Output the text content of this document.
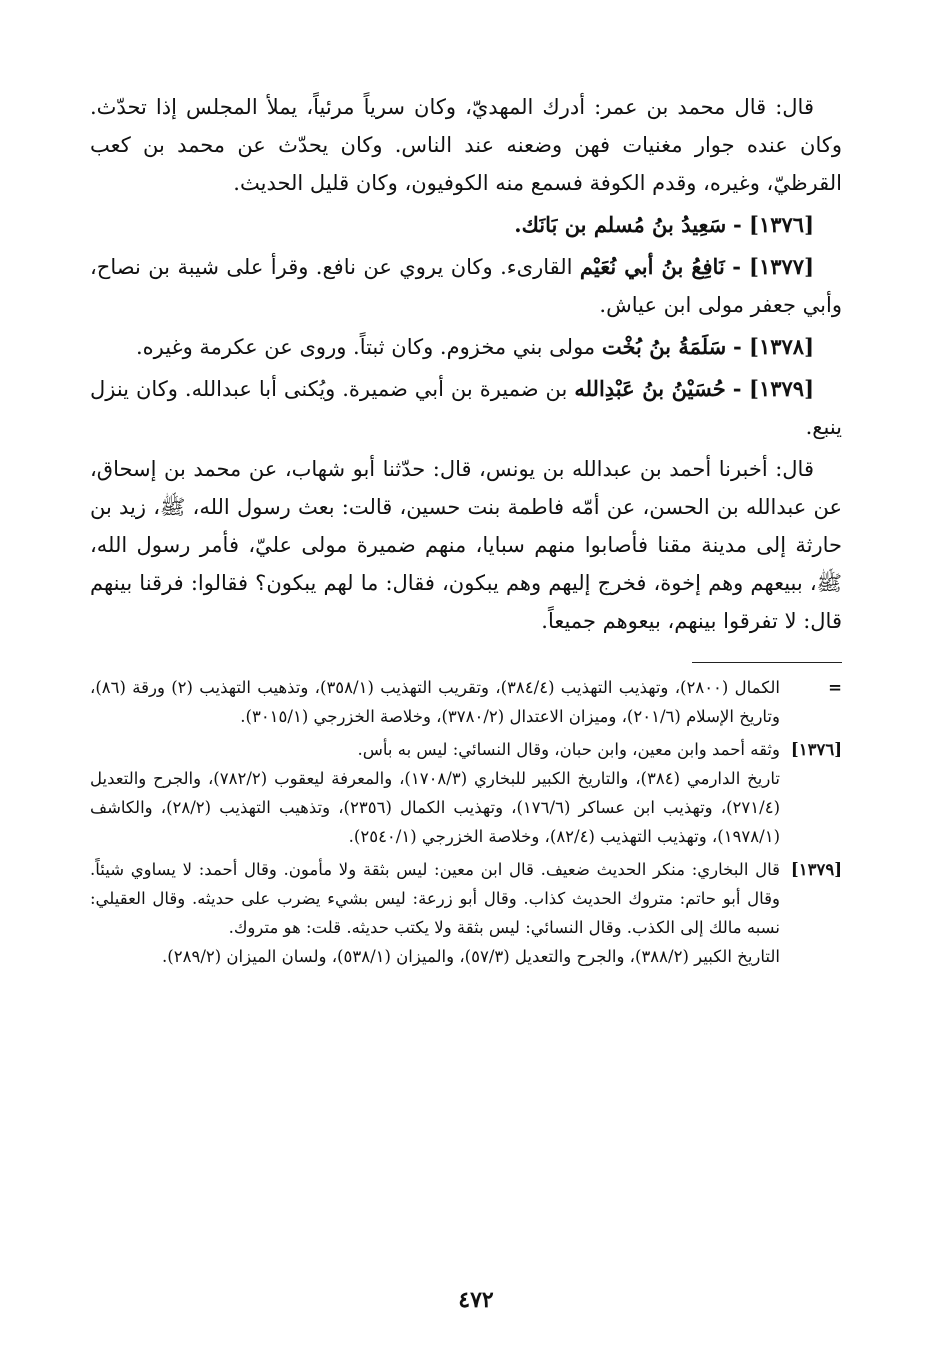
قال: قال محمد بن عمر: أدرك المهديّ، وكان سرياً مرئياً، يملأ المجلس إذا تحدّث. وكان عنده جوار مغنيات فهن وضعنه عند الناس. وكان يحدّث عن محمد بن كعب القرظيّ، وغيره، وقدم الكوفة فسمع منه الكوفيون، وكان قليل الحديث.

[١٣٧٦] - سَعِيدُ بنُ مُسلم بن بَانَك.

[١٣٧٧] - نَافِعُ بنُ أبي نُعَيْم القارىء. وكان يروي عن نافع. وقرأ على شيبة بن نصاح، وأبي جعفر مولى ابن عياش.

[١٣٧٨] - سَلَمَةُ بنُ بُخْت مولى بني مخزوم. وكان ثبتاً. وروى عن عكرمة وغيره.

[١٣٧٩] - حُسَيْنُ بنُ عَبْدِالله بن ضميرة بن أبي ضميرة. ويُكنى أبا عبدالله. وكان ينزل ينبع.

قال: أخبرنا أحمد بن عبدالله بن يونس، قال: حدّثنا أبو شهاب، عن محمد بن إسحاق، عن عبدالله بن الحسن، عن أمّه فاطمة بنت حسين، قالت: بعث رسول الله، ﷺ، زيد بن حارثة إلى مدينة مقنا فأصابوا منهم سبايا، منهم ضميرة مولى عليّ، فأمر رسول الله، ﷺ، ببيعهم وهم إخوة، فخرج إليهم وهم يبكون، فقال: ما لهم يبكون؟ فقالوا: فرقنا بينهم قال: لا تفرقوا بينهم، بيعوهم جميعاً.

=

الكمال (٢٨٠٠)، وتهذيب التهذيب (٣٨٤/٤)، وتقريب التهذيب (٣٥٨/١)، وتذهيب التهذيب (٢) ورقة (٨٦)، وتاريخ الإسلام (٢٠١/٦)، وميزان الاعتدال (٣٧٨٠/٢)، وخلاصة الخزرجي (٣٠١٥/١).

[١٣٧٦]

وثقه أحمد وابن معين، وابن حبان، وقال النسائي: ليس به بأس.

تاريخ الدارمي (٣٨٤)، والتاريخ الكبير للبخاري (١٧٠٨/٣)، والمعرفة ليعقوب (٧٨٢/٢)، والجرح والتعديل (٢٧١/٤)، وتهذيب ابن عساكر (١٧٦/٦)، وتهذيب الكمال (٢٣٥٦)، وتذهيب التهذيب (٢٨/٢)، والكاشف (١٩٧٨/١)، وتهذيب التهذيب (٨٢/٤)، وخلاصة الخزرجي (٢٥٤٠/١).

[١٣٧٩]

قال البخاري: منكر الحديث ضعيف. قال ابن معين: ليس بثقة ولا مأمون. وقال أحمد: لا يساوي شيئاً. وقال أبو حاتم: متروك الحديث كذاب. وقال أبو زرعة: ليس بشيء يضرب على حديثه. وقال العقيلي: نسبه مالك إلى الكذب. وقال النسائي: ليس بثقة ولا يكتب حديثه. قلت: هو متروك.

التاريخ الكبير (٣٨٨/٢)، والجرح والتعديل (٥٧/٣)، والميزان (٥٣٨/١)، ولسان الميزان (٢٨٩/٢).

٤٧٢
